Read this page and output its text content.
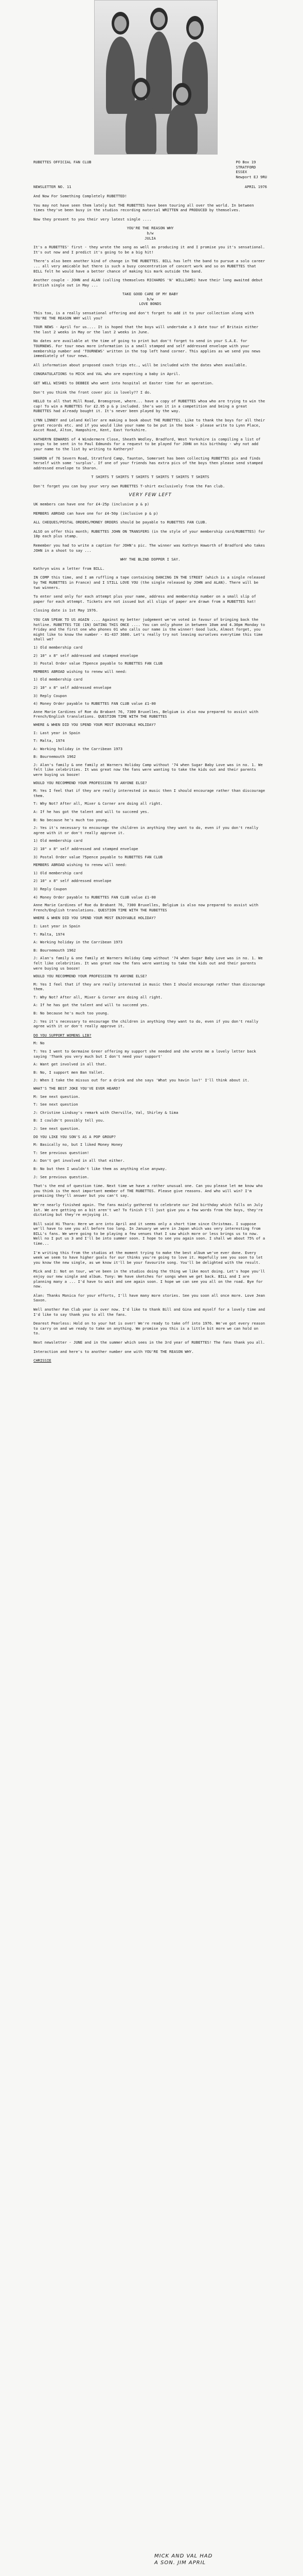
RUBETTES OFFICIAL FAN CLUB	PO Box 19
STRATFORD
ESSEX
Newport EJ 9RU
NEWSLETTER NO. 11	APRIL 1976
And Now For Something Completely RUBETTED!
You may not have seen them lately but THE RUBETTES have been touring all over the world. In between times they've been busy in the studios recording material WRITTEN and PRODUCED by themselves.
Now they present to you their very latest single ....
YOU'RE THE REASON WHY
b/w
JULIA
It's a RUBETTES' first - they wrote the song as well as producing it and I promise you it's sensational. It's out now and I predict it's going to be a big hit!
There's also been another kind of change in THE RUBETTES. BILL has left the band to pursue a solo career ... all very amicable but there is such a busy concentration of concert work and so on RUBETTES that BILL felt he would have a better chance of making his mark outside the band.
Another couple - JOHN and ALAN (calling themselves RICHARDS 'N' WILLIAMS) have their long awaited debut British single out in May ...
TAKE GOOD CARE OF MY BABY
b/w
LOVE BONDS
This too, is a really sensational offering and don't forget to add it to your collection along with YOU'RE THE REASON WHY will you?
TOUR NEWS - April for us.... It is hoped that the boys will undertake a 3 date tour of Britain either the last 2 weeks in May or the last 2 weeks in June.
No dates are available at the time of going to print but don't forget to send in your S.A.E. for TOURNEWS. For tour news more information is a small stamped and self addressed envelope with your membership number and 'TOURNEWS' written in the top left hand corner. This applies as we send you news immediately of tour news.
All information about proposed coach trips etc., will be included with the dates when available.
CONGRATULATIONS to MICK and VAL who are expecting a baby in April.
GET WELL WISHES to DEBBIE who went into hospital at Easter time for an operation.
Don't you think the front cover pic is lovely?? I do.
HELLO to all that Mill Road, Bromsgrove, where... have a copy of RUBETTES whoa who are trying to win the cup! To win a RUBETTES for £2.95 p & p included. She's won it in a competition and being a great RUBETTES had already bought it. It's never been played by the way.
LYNN LINNEY and Leland Keller are making a book about THE RUBETTES. Like to thank the boys for all their great records etc. and if you would like your name to be put in the book - please write to Lynn Place, Ascot Road, Alton, Hampshire, Kent, East Yorkshire.
KATHERYN EDWARDS of 4 Windermere Close, Sheath Wedley, Bradford, West Yorkshire is compiling a list of songs to be sent in to Paul Edmunds for a request to be played for JOHN on his birthday - why not add your name to the list by writing to Katheryn?
SHARON of 76 Severn Road, Stratford Camp, Taunton, Somerset has been collecting RUBETTES pix and finds herself with some 'surplus'. If one of your friends has extra pics of the boys then please send stamped addressed envelope to Sharon.
T SHIRTS T SHIRTS T SHIRTS T SHIRTS T SHIRTS T SHIRTS
Don't forget you can buy your very own RUBETTES T-shirt exclusively from the Fan club.
VERY FEW LEFT
UK members can have one for £4-25p (inclusive p & p)
MEMBERS ABROAD can have one for £4-50p (inclusive p & p)
ALL CHEQUES/POSTAL ORDERS/MONEY ORDERS should be payable to RUBETTES FAN CLUB.
ALSO on offer this month; RUBETTES JOHN ON TRANSFERS (in the style of your membership card/RUBETTES) for 10p each plus stamp.
Remember you had to write a caption for JOHN's pic. The winner was Kathryn Haworth of Bradford who takes JOHN in a shoot to say ...
WHY THE BLIND DOPPER I SAY.
Kathryn wins a letter from BILL.
IN COMP this time, and I am ruffling a tape containing DANCING IN THE STREET (which is a single released by THE RUBETTES in France) and I STILL LOVE YOU (the single released by JOHN and ALAN). There will be two winners.
To enter send only for each attempt plus your name, address and membership number on a small slip of paper for each attempt. Tickets are not issued but all slips of paper are drawn from a RUBETTES hat!
Closing date is 1st May 1976.
YOU CAN SPEAK TO US AGAIN .... Against my better judgement we've voted in favour of bringing back the hotline. RUBETTES TIE (IN) DATING THIS ONCE .... You can only phone in between 10am and 4.30pm Monday to Friday and the first one who phones 01 who calls our name is the winner! Good luck, Almost forget, you might like to know the number - 01-437 3600. Let's really try not leaving ourselves everytime this time shall we?
1) Old membership card
2) 10" x 8" self addressed and stamped envelope
3) Postal Order value 75pence payable to RUBETTES FAN CLUB
MEMBERS ABROAD wishing to renew will need:
1) Old membership card
2) 10" x 8" self addressed envelope
3) Reply Coupon
4) Money Order payable to RUBETTES FAN CLUB value £1-00
Anne Marie Cardines of Roe du Brabant 76, 7300 Bruxelles, Belgium is also now prepared to assist with French/English translations. QUESTION TIME WITH THE RUBETTES
WHERE & WHEN DID YOU SPEND YOUR MOST ENJOYABLE HOLIDAY?
I: Last year in Spain
T: Malta, 1974
A: Working holiday in the Carribean 1973
B: Bournemouth 1962
J: Alan's family & one family at Warners Holiday Camp without '74 when Sugar Baby Love was in no. 1. We felt like celebrities. It was great now the fans were wanting to take the kids out and their parents were buying us booze!
WOULD YOU RECOMMEND YOUR PROFESSION TO ANYONE ELSE?
M: Yes I feel that if they are really interested in music then I should encourage rather than discourage them.
T: Why Not? After all, Mixer & Corner are doing all right.
A: If he has got the talent and will to succeed yes.
B: No because he's much too young.
J: Yes it's necessary to encourage the children in anything they want to do, even if you don't really agree with it or don't really approve it.
1) Old membership card
2) 10" x 8" self addressed and stamped envelope
3) Postal Order value 75pence payable to RUBETTES FAN CLUB
MEMBERS ABROAD wishing to renew will need:
1) Old membership card
2) 10" x 8" self addressed envelope
3) Reply Coupon
4) Money Order payable to RUBETTES FAN CLUB value £1-00
Anne Marie Cardines of Roe du Brabant 76, 7300 Bruxelles, Belgium is also now prepared to assist with French/English translations. QUESTION TIME WITH THE RUBETTES
WHERE & WHEN DID YOU SPEND YOUR MOST ENJOYABLE HOLIDAY?
I: Last year in Spain
T: Malta, 1974
A: Working holiday in the Carribean 1973
B: Bournemouth 1962
J: Alan's family & one family at Warners Holiday Camp without '74 when Sugar Baby Love was in no. 1. We felt like celebrities. It was great now the fans were wanting to take the kids out and their parents were buying us booze!
WOULD YOU RECOMMEND YOUR PROFESSION TO ANYONE ELSE?
M: Yes I feel that if they are really interested in music then I should encourage rather than discourage them.
T: Why Not? After all, Mixer & Corner are doing all right.
A: If he has got the talent and will to succeed yes.
B: No because he's much too young.
J: Yes it's necessary to encourage the children in anything they want to do, even if you don't really agree with it or don't really approve it.
DO YOU SUPPORT WOMENS LIB?
M: No
T: Yes I went to Germaine Greer offering my support she needed and she wrote me a lovely letter back saying 'Thank you very much but I don't need your support'
A: Want get involved in all that.
B: No, I support men Ban Vallet.
J: When I take the missus out for a drink and she says 'What you havin luv?' I'll think about it.
WHAT'S THE BEST JOKE YOU'VE EVER HEARD?
M: See next question.
T: See next question
J: Christine Lindsay's remark with Cherville, Val, Shirley & Sima
B: I couldn't possibly tell you.
J: See next question.
DO YOU LIKE YOU SON'S AS A POP GROUP?
M: Basically no, but I liked Money Honey
T: See previous question!
A: Don't get involved in all that either.
B: No but then I wouldn't like them as anything else anyway.
J: See previous question.
That's the end of question time. Next time we have a rather unusual one. Can you please let me know who you think is the most important member of THE RUBETTES. Please give reasons. And who will win? I'm promising they'll answer but you can't say.
We're nearly finished again. The fans mainly gathered to celebrate our 2nd birthday which falls on July 1st. We are getting on a bit aren't we? To finish I'll just give you a few words from the boys, they're dictating but they're enjoying it.
Bill said Hi Thara: Here we are into April and it seems only a short time since Christmas. I suppose we'll have to see you all before too long. In January we were in Japan which was very interesting from BILL's fans. We were going to be playing a few venues that I saw which more or less brings us to now. Well no I put us 3 and I'll be into summer soon. I hope to see you again soon. I shall we about 75% of a time...
I'm writing this from the studios at the moment trying to make the best album we've ever done. Every week we seem to have higher goals for our thinks you're going to love it. Hopefully see you soon to let you know the new single, as we know it'll be your favourite song. You'll be delighted with the result.
Mick and I: Not on tour, we've been in the studios doing the thing we like most doing. Let's hope you'll enjoy our new single and album. Tony: We have sketches for songs when we get back. BILL and I are planning many a ... I'd have to wait and see again soon. I hope we can see you all on the road. Bye for now.
Alan: Thanks Monica for your efforts, I'll have many more stories. See you soon all once more. Love Jean Saxon.
Well another Fan Club year is over now. I'd like to thank Bill and Gina and myself for a lovely time and I'd like to say thank you to all the fans.
Dearest Pearless: Hold on to your hat is over! We're ready to take off into 1976. We've got every reason to carry on and we ready to take on anything. We promise you this is a little bit more we can hold on to.
Next newsletter - JUNE and in the summer which sees in the 3rd year of RUBETTES! The fans thank you all.
Interaction and here's to another number one with YOU'RE THE REASON WHY.
CHRISSIE
MICK AND VAL HAD
A SON. JIM APRIL
